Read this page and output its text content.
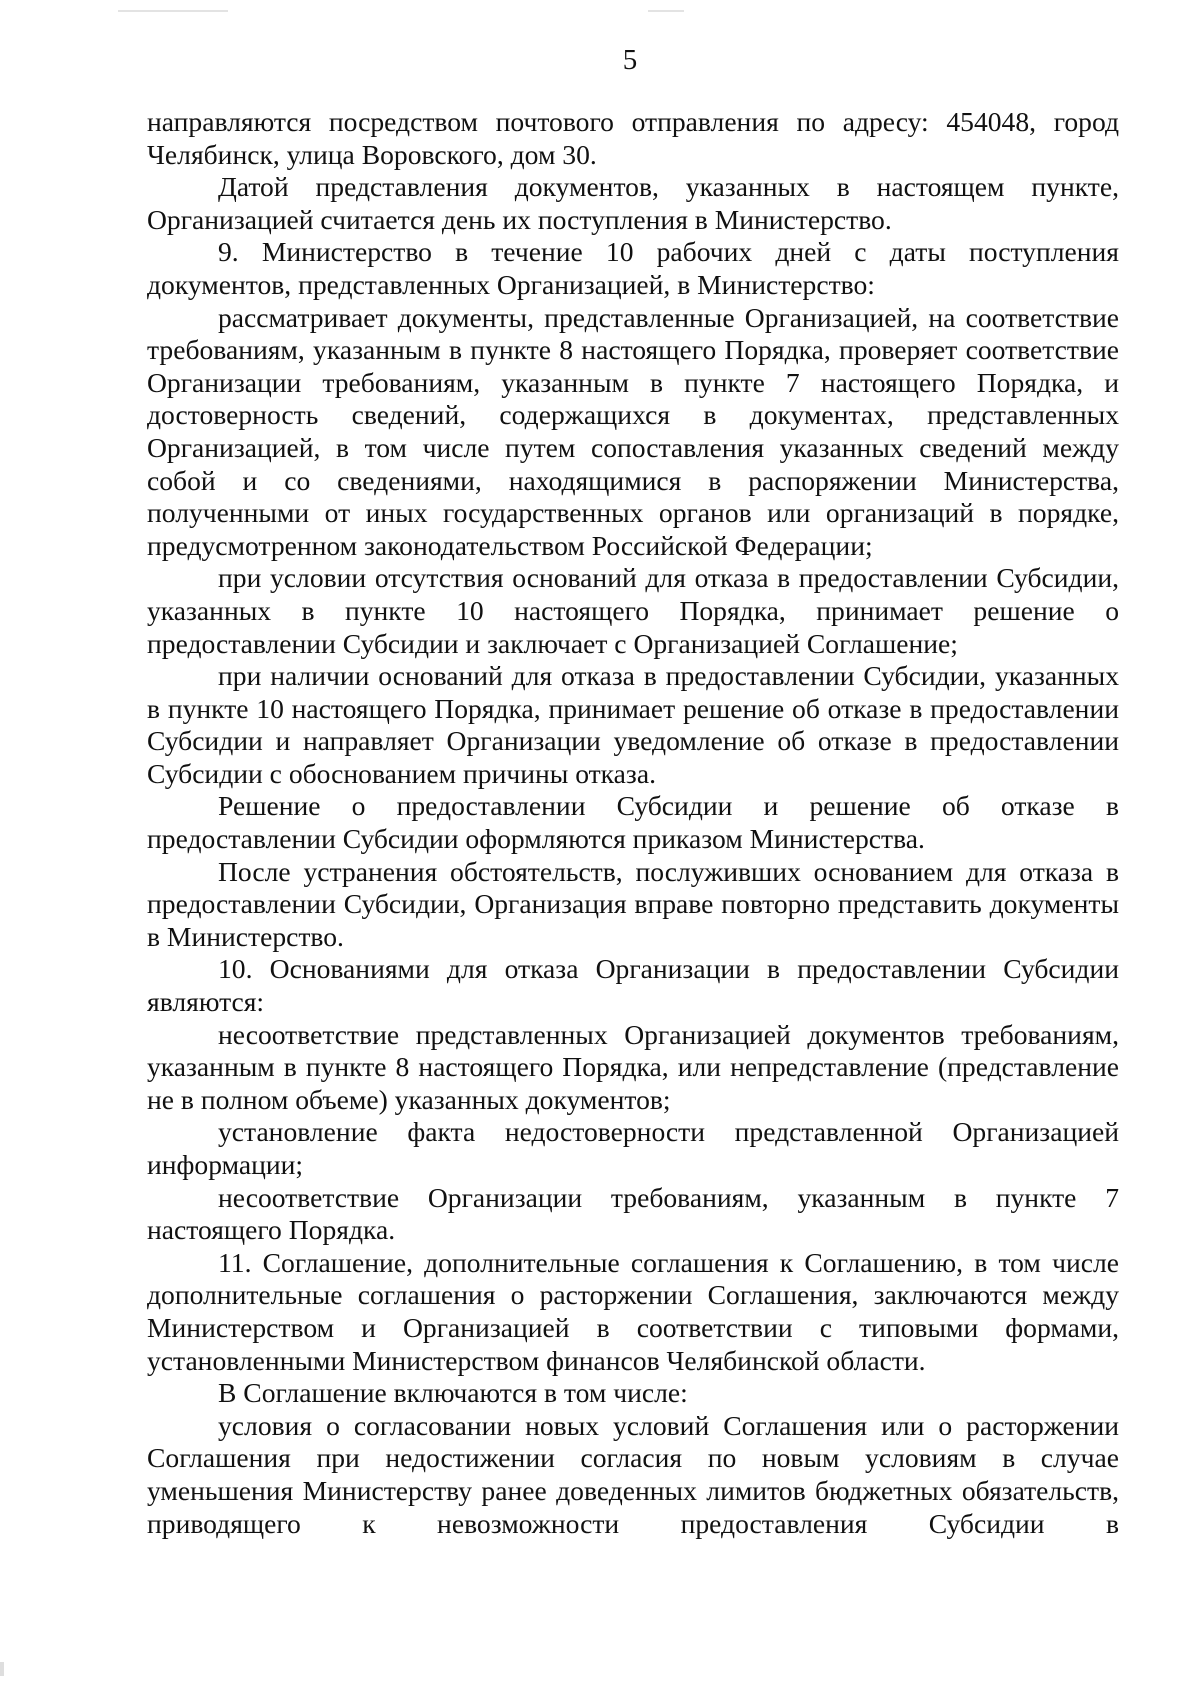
5

направляются посредством почтового отправления по адресу: 454048, город Челябинск, улица Воровского, дом 30.

Датой представления документов, указанных в настоящем пункте, Организацией считается день их поступления в Министерство.

9. Министерство в течение 10 рабочих дней с даты поступления документов, представленных Организацией, в Министерство:

рассматривает документы, представленные Организацией, на соответствие требованиям, указанным в пункте 8 настоящего Порядка, проверяет соответствие Организации требованиям, указанным в пункте 7 настоящего Порядка, и достоверность сведений, содержащихся в документах, представленных Организацией, в том числе путем сопоставления указанных сведений между собой и со сведениями, находящимися в распоряжении Министерства, полученными от иных государственных органов или организаций в порядке, предусмотренном законодательством Российской Федерации;

при условии отсутствия оснований для отказа в предоставлении Субсидии, указанных в пункте 10 настоящего Порядка, принимает решение о предоставлении Субсидии и заключает с Организацией Соглашение;

при наличии оснований для отказа в предоставлении Субсидии, указанных в пункте 10 настоящего Порядка, принимает решение об отказе в предоставлении Субсидии и направляет Организации уведомление об отказе в предоставлении Субсидии с обоснованием причины отказа.

Решение о предоставлении Субсидии и решение об отказе в предоставлении Субсидии оформляются приказом Министерства.

После устранения обстоятельств, послуживших основанием для отказа в предоставлении Субсидии, Организация вправе повторно представить документы в Министерство.

10. Основаниями для отказа Организации в предоставлении Субсидии являются:

несоответствие представленных Организацией документов требованиям, указанным в пункте 8 настоящего Порядка, или непредставление (представление не в полном объеме) указанных документов;

установление факта недостоверности представленной Организацией информации;

несоответствие Организации требованиям, указанным в пункте 7 настоящего Порядка.

11. Соглашение, дополнительные соглашения к Соглашению, в том числе дополнительные соглашения о расторжении Соглашения, заключаются между Министерством и Организацией в соответствии с типовыми формами, установленными Министерством финансов Челябинской области.

В Соглашение включаются в том числе:

условия о согласовании новых условий Соглашения или о расторжении Соглашения при недостижении согласия по новым условиям в случае уменьшения Министерству ранее доведенных лимитов бюджетных обязательств, приводящего к невозможности предоставления Субсидии в
